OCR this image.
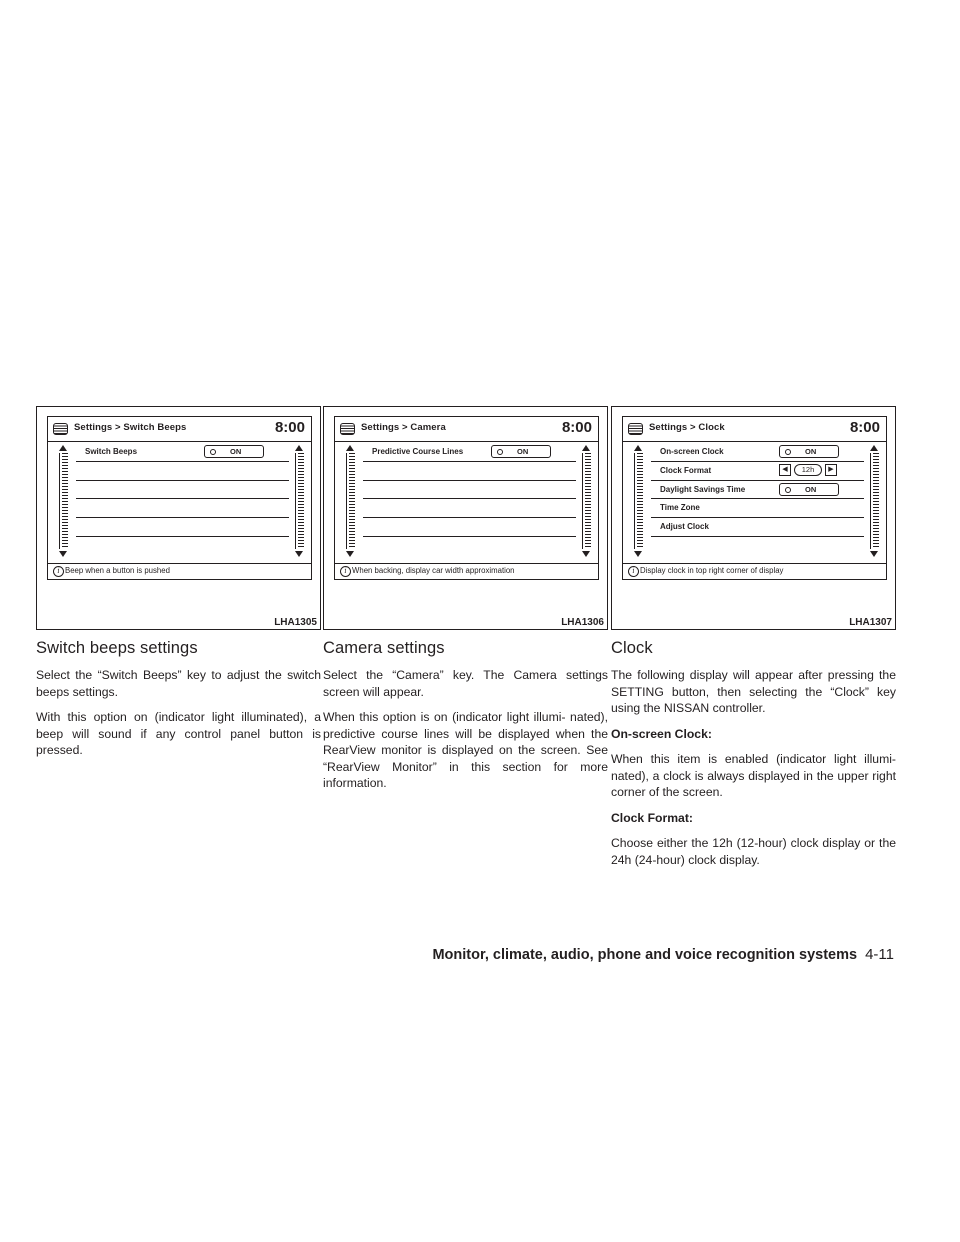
Settings > Switch Beeps	8:00
Switch Beeps	ON
i Beep when a button is pushed
LHA1305
Switch beeps settings

Select the “Switch Beeps” key to adjust the switch beeps settings.

With this option on (indicator light illuminated), a beep will sound if any control panel button is pressed.

Settings > Camera	8:00
Predictive Course Lines	ON
i When backing, display car width approximation
LHA1306
Camera settings

Select the “Camera” key. The Camera settings screen will appear.

When this option is on (indicator light illumi- nated), predictive course lines will be displayed when the RearView monitor is displayed on the screen. See “RearView Monitor” in this section for more information.

Settings > Clock	8:00
On-screen Clock	ON
Clock Format	◀	12h	▶
Daylight Savings Time	ON
Time Zone
Adjust Clock
i Display clock in top right corner of display
LHA1307
Clock

The following display will appear after pressing the SETTING button, then selecting the “Clock” key using the NISSAN controller.

On-screen Clock:

When this item is enabled (indicator light illumi- nated), a clock is always displayed in the upper right corner of the screen.

Clock Format:

Choose either the 12h (12-hour) clock display or the 24h (24-hour) clock display.

Monitor, climate, audio, phone and voice recognition systems 4-11
